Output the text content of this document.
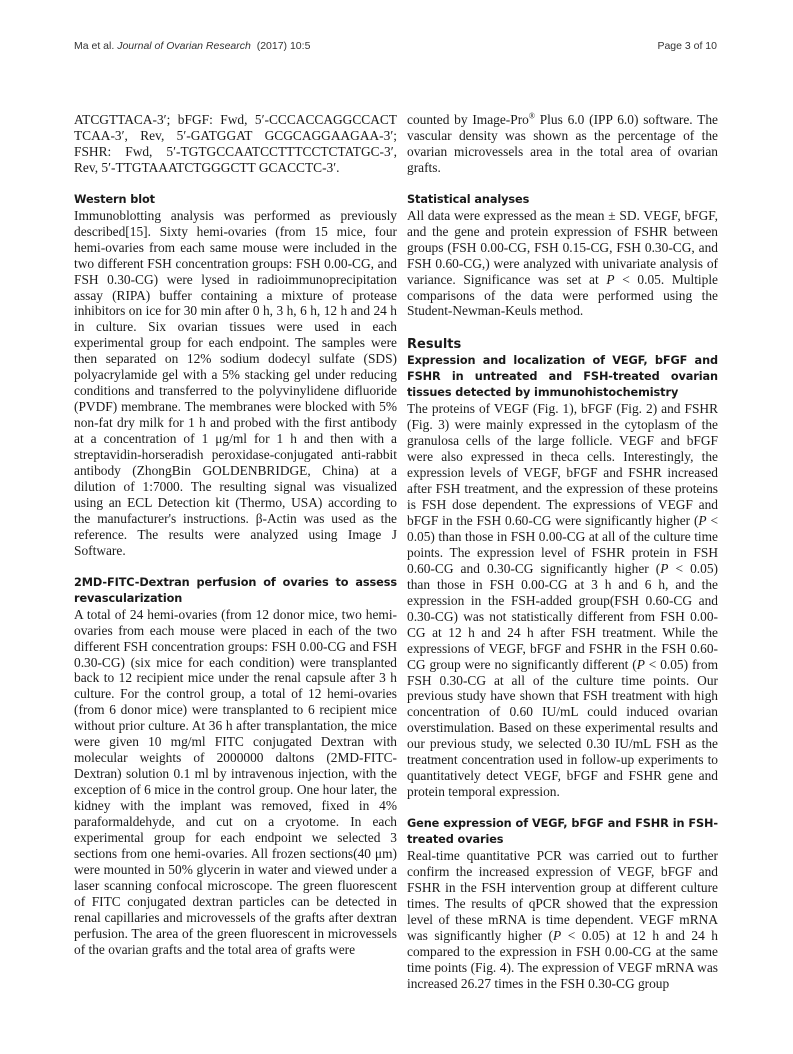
Ma et al. Journal of Ovarian Research (2017) 10:5	Page 3 of 10

ATCGTTACA-3′; bFGF: Fwd, 5′-CCCACCAGGCCACT TCAA-3′, Rev, 5′-GATGGAT GCGCAGGAAGAA-3′; FSHR: Fwd, 5′-TGTGCCAATCCTTTCCTCTATGC-3′, Rev, 5′-TTGTAAATCTGGGCTT GCACCTC-3′.

Western blot

Immunoblotting analysis was performed as previously described[15]. Sixty hemi-ovaries (from 15 mice, four hemi-ovaries from each same mouse were included in the two different FSH concentration groups: FSH 0.00-CG, and FSH 0.30-CG) were lysed in radioimmunoprecipitation assay (RIPA) buffer containing a mixture of protease inhibitors on ice for 30 min after 0 h, 3 h, 6 h, 12 h and 24 h in culture. Six ovarian tissues were used in each experimental group for each endpoint. The samples were then separated on 12% sodium dodecyl sulfate (SDS) polyacrylamide gel with a 5% stacking gel under reducing conditions and transferred to the polyvinylidene difluoride (PVDF) membrane. The membranes were blocked with 5% non-fat dry milk for 1 h and probed with the first antibody at a concentration of 1 μg/ml for 1 h and then with a streptavidin-horseradish peroxidase-conjugated anti-rabbit antibody (ZhongBin GOLDENBRIDGE, China) at a dilution of 1:7000. The resulting signal was visualized using an ECL Detection kit (Thermo, USA) according to the manufacturer's instructions. β-Actin was used as the reference. The results were analyzed using Image J Software.

2MD-FITC-Dextran perfusion of ovaries to assess revascularization

A total of 24 hemi-ovaries (from 12 donor mice, two hemi-ovaries from each mouse were placed in each of the two different FSH concentration groups: FSH 0.00-CG and FSH 0.30-CG) (six mice for each condition) were transplanted back to 12 recipient mice under the renal capsule after 3 h culture. For the control group, a total of 12 hemi-ovaries (from 6 donor mice) were transplanted to 6 recipient mice without prior culture. At 36 h after transplantation, the mice were given 10 mg/ml FITC conjugated Dextran with molecular weights of 2000000 daltons (2MD-FITC-Dextran) solution 0.1 ml by intravenous injection, with the exception of 6 mice in the control group. One hour later, the kidney with the implant was removed, fixed in 4% paraformaldehyde, and cut on a cryotome. In each experimental group for each endpoint we selected 3 sections from one hemi-ovaries. All frozen sections(40 μm) were mounted in 50% glycerin in water and viewed under a laser scanning confocal microscope. The green fluorescent of FITC conjugated dextran particles can be detected in renal capillaries and microvessels of the grafts after dextran perfusion. The area of the green fluorescent in microvessels of the ovarian grafts and the total area of grafts were

counted by Image-Pro® Plus 6.0 (IPP 6.0) software. The vascular density was shown as the percentage of the ovarian microvessels area in the total area of ovarian grafts.

Statistical analyses

All data were expressed as the mean ± SD. VEGF, bFGF, and the gene and protein expression of FSHR between groups (FSH 0.00-CG, FSH 0.15-CG, FSH 0.30-CG, and FSH 0.60-CG,) were analyzed with univariate analysis of variance. Significance was set at P < 0.05. Multiple comparisons of the data were performed using the Student-Newman-Keuls method.

Results
Expression and localization of VEGF, bFGF and FSHR in untreated and FSH-treated ovarian tissues detected by immunohistochemistry

The proteins of VEGF (Fig. 1), bFGF (Fig. 2) and FSHR (Fig. 3) were mainly expressed in the cytoplasm of the granulosa cells of the large follicle. VEGF and bFGF were also expressed in theca cells. Interestingly, the expression levels of VEGF, bFGF and FSHR increased after FSH treatment, and the expression of these proteins is FSH dose dependent. The expressions of VEGF and bFGF in the FSH 0.60-CG were significantly higher (P < 0.05) than those in FSH 0.00-CG at all of the culture time points. The expression level of FSHR protein in FSH 0.60-CG and 0.30-CG significantly higher (P < 0.05) than those in FSH 0.00-CG at 3 h and 6 h, and the expression in the FSH-added group(FSH 0.60-CG and 0.30-CG) was not statistically different from FSH 0.00-CG at 12 h and 24 h after FSH treatment. While the expressions of VEGF, bFGF and FSHR in the FSH 0.60-CG group were no significantly different (P < 0.05) from FSH 0.30-CG at all of the culture time points. Our previous study have shown that FSH treatment with high concentration of 0.60 IU/mL could induced ovarian overstimulation. Based on these experimental results and our previous study, we selected 0.30 IU/mL FSH as the treatment concentration used in follow-up experiments to quantitatively detect VEGF, bFGF and FSHR gene and protein temporal expression.

Gene expression of VEGF, bFGF and FSHR in FSH-treated ovaries

Real-time quantitative PCR was carried out to further confirm the increased expression of VEGF, bFGF and FSHR in the FSH intervention group at different culture times. The results of qPCR showed that the expression level of these mRNA is time dependent. VEGF mRNA was significantly higher (P < 0.05) at 12 h and 24 h compared to the expression in FSH 0.00-CG at the same time points (Fig. 4). The expression of VEGF mRNA was increased 26.27 times in the FSH 0.30-CG group
